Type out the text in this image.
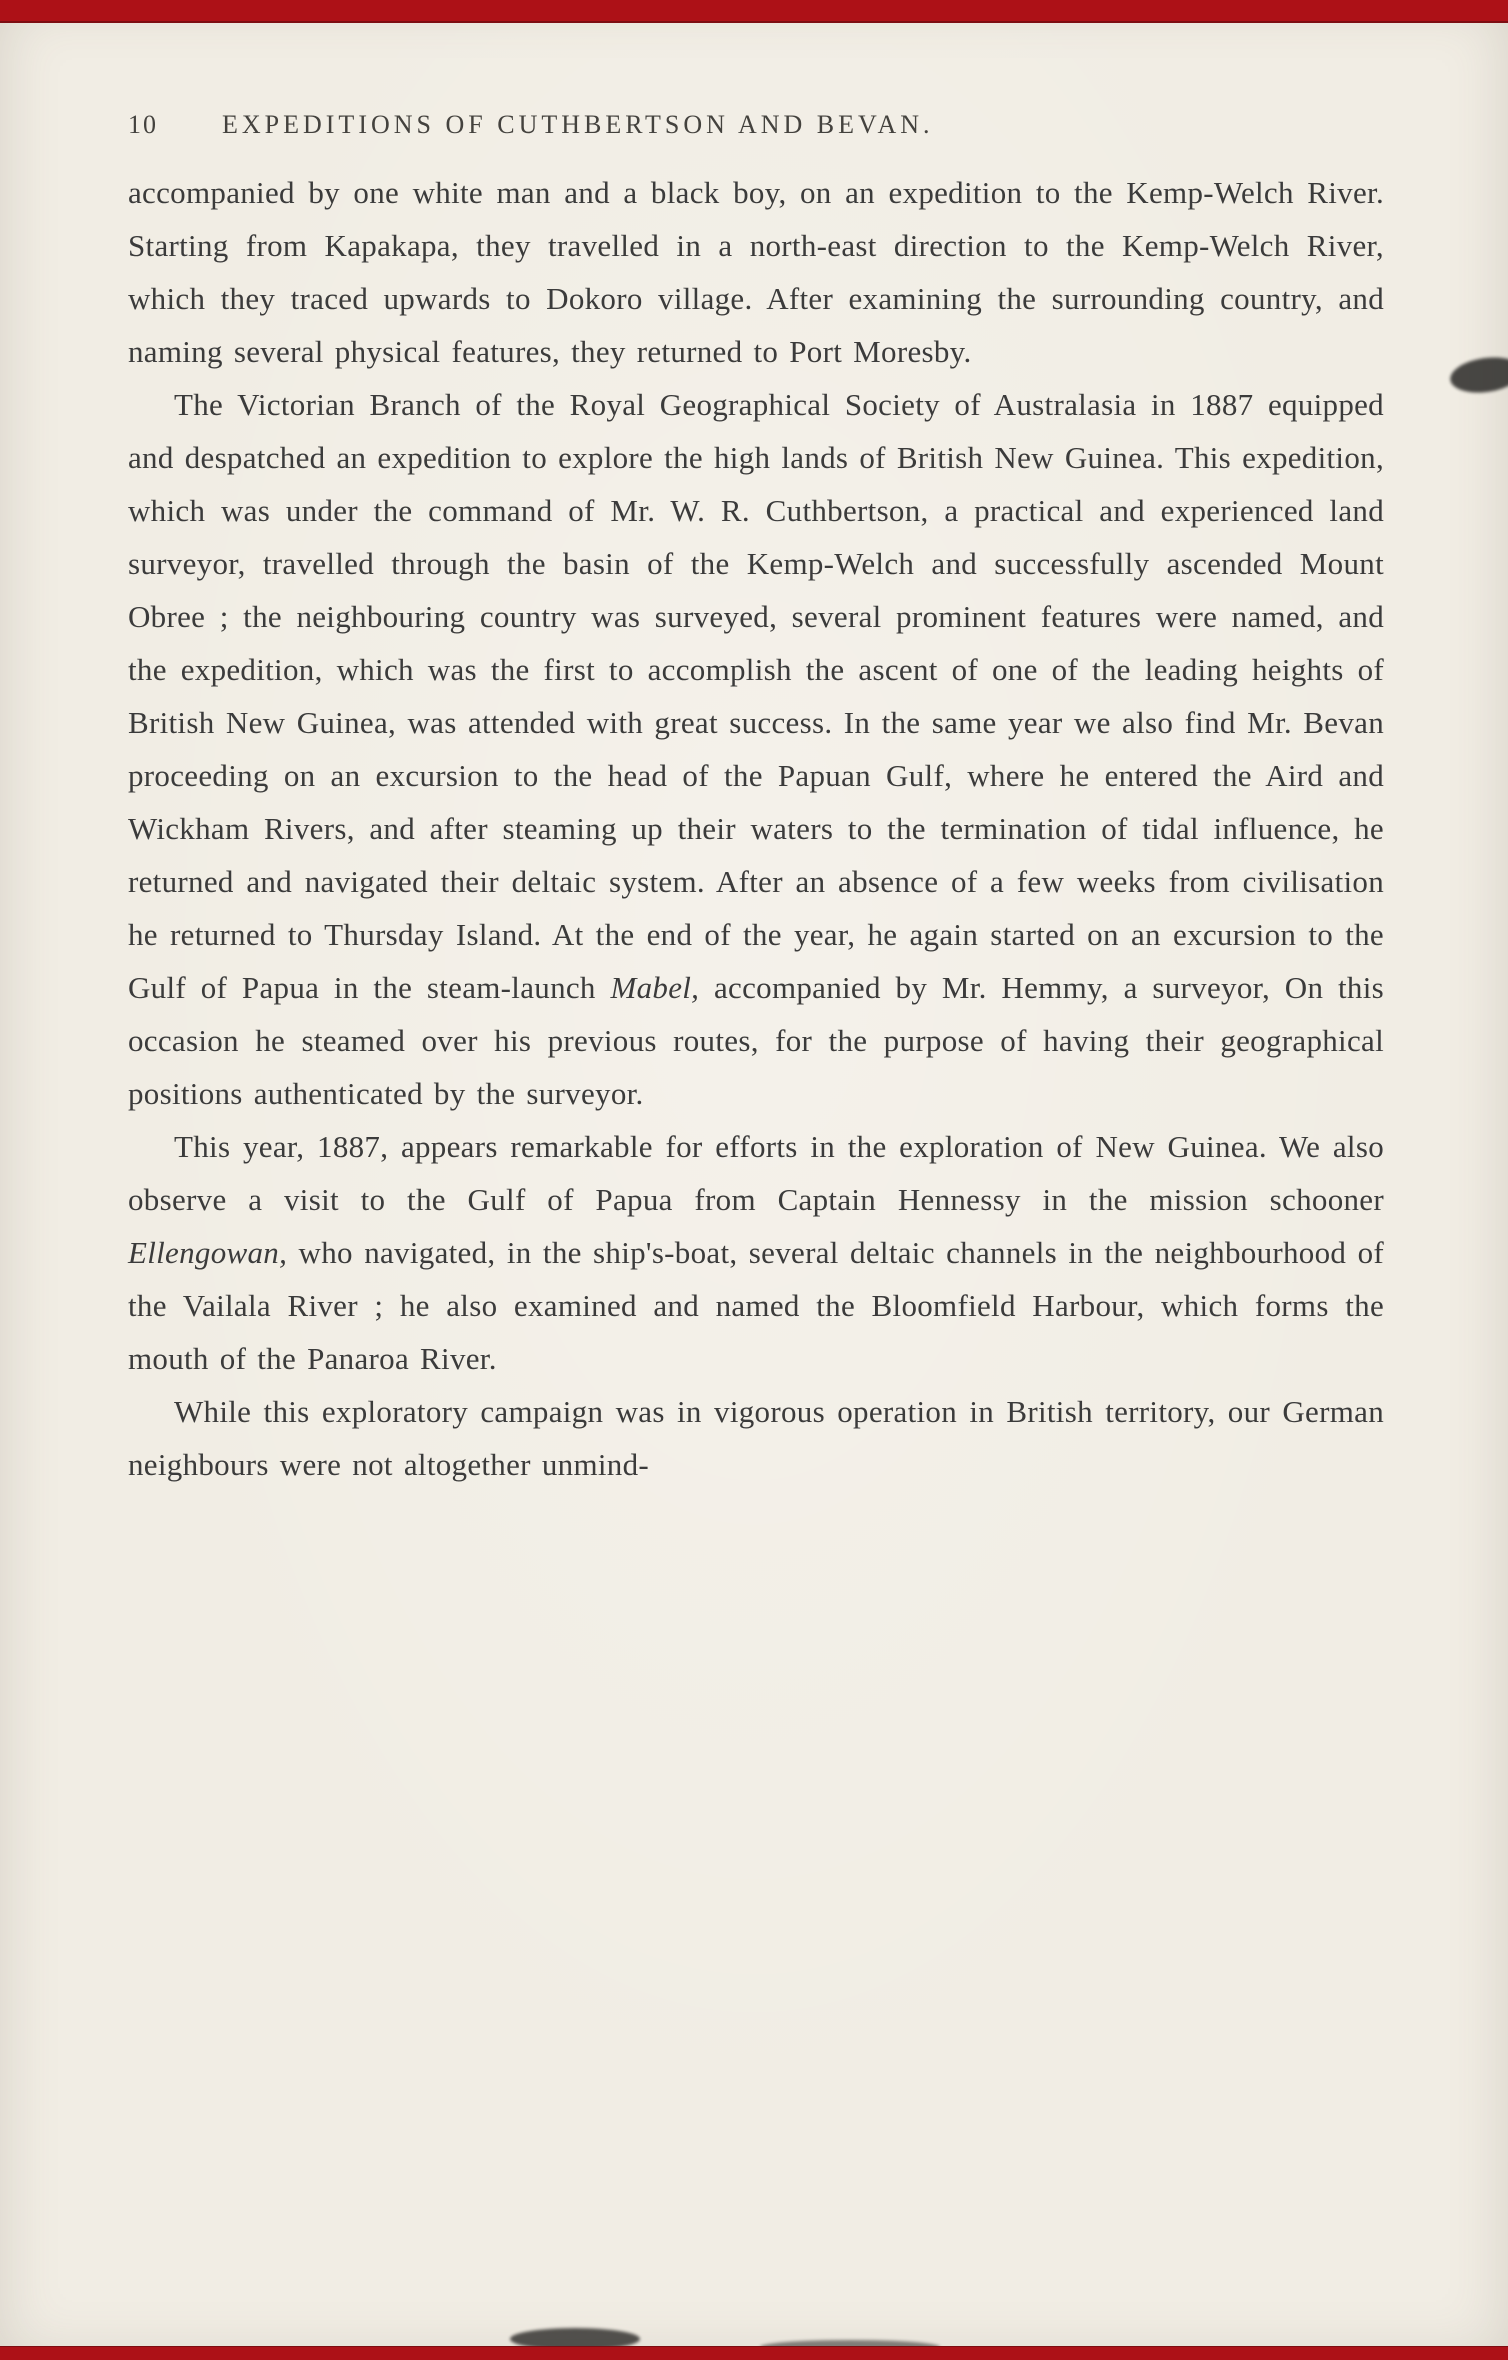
10 EXPEDITIONS OF CUTHBERTSON AND BEVAN.

accompanied by one white man and a black boy, on an expedition to the Kemp-Welch River. Starting from Kapakapa, they travelled in a north-east direction to the Kemp-Welch River, which they traced upwards to Dokoro village. After examining the surrounding country, and naming several physical features, they returned to Port Moresby.

The Victorian Branch of the Royal Geographical Society of Australasia in 1887 equipped and despatched an expedition to explore the high lands of British New Guinea. This expedition, which was under the command of Mr. W. R. Cuthbertson, a practical and experienced land surveyor, travelled through the basin of the Kemp-Welch and successfully ascended Mount Obree ; the neighbouring country was surveyed, several prominent features were named, and the expedition, which was the first to accomplish the ascent of one of the leading heights of British New Guinea, was attended with great success. In the same year we also find Mr. Bevan proceeding on an excursion to the head of the Papuan Gulf, where he entered the Aird and Wickham Rivers, and after steaming up their waters to the termination of tidal influence, he returned and navigated their deltaic system. After an absence of a few weeks from civilisation he returned to Thursday Island. At the end of the year, he again started on an excursion to the Gulf of Papua in the steam-launch Mabel, accompanied by Mr. Hemmy, a surveyor, On this occasion he steamed over his previous routes, for the purpose of having their geographical positions authenticated by the surveyor.

This year, 1887, appears remarkable for efforts in the exploration of New Guinea. We also observe a visit to the Gulf of Papua from Captain Hennessy in the mission schooner Ellengowan, who navigated, in the ship's-boat, several deltaic channels in the neighbourhood of the Vailala River ; he also examined and named the Bloomfield Harbour, which forms the mouth of the Panaroa River.

While this exploratory campaign was in vigorous operation in British territory, our German neighbours were not altogether unmind-
